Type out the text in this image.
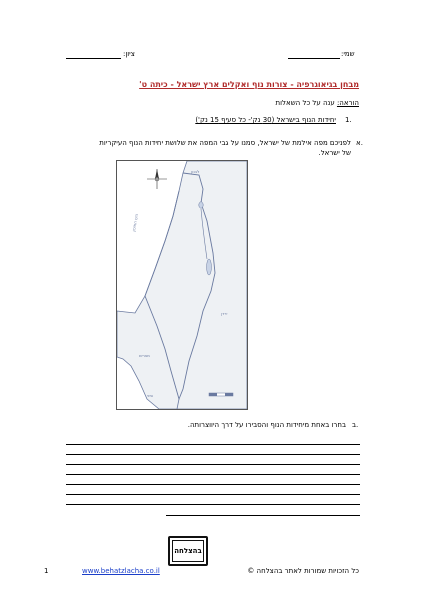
שמי:
ציון:
מבחן בגיאוגרפיה - צורות נוף ואקלים ארץ ישראל - כיתה ט'
הוראה: ענה על כל השאלות
1.
יחידות הנוף בישראל (30 נק'- כל סעיף 15 נק')
א.
לפניכם מפה אילמת של ישראל, סמנו על גבי המפה את שלושת יחידות הנוף העיקריות
של ישראל.
לבנון
הים התיכון
ירדן
מצרים
סיני
ב.
בחרו באחת מיחידות הנוף והסבירו על דרך היווצרותה.
בהצלחה
1	www.behatzlacha.co.il	כל הזכויות שמורות לאתר בהצלחה ©
